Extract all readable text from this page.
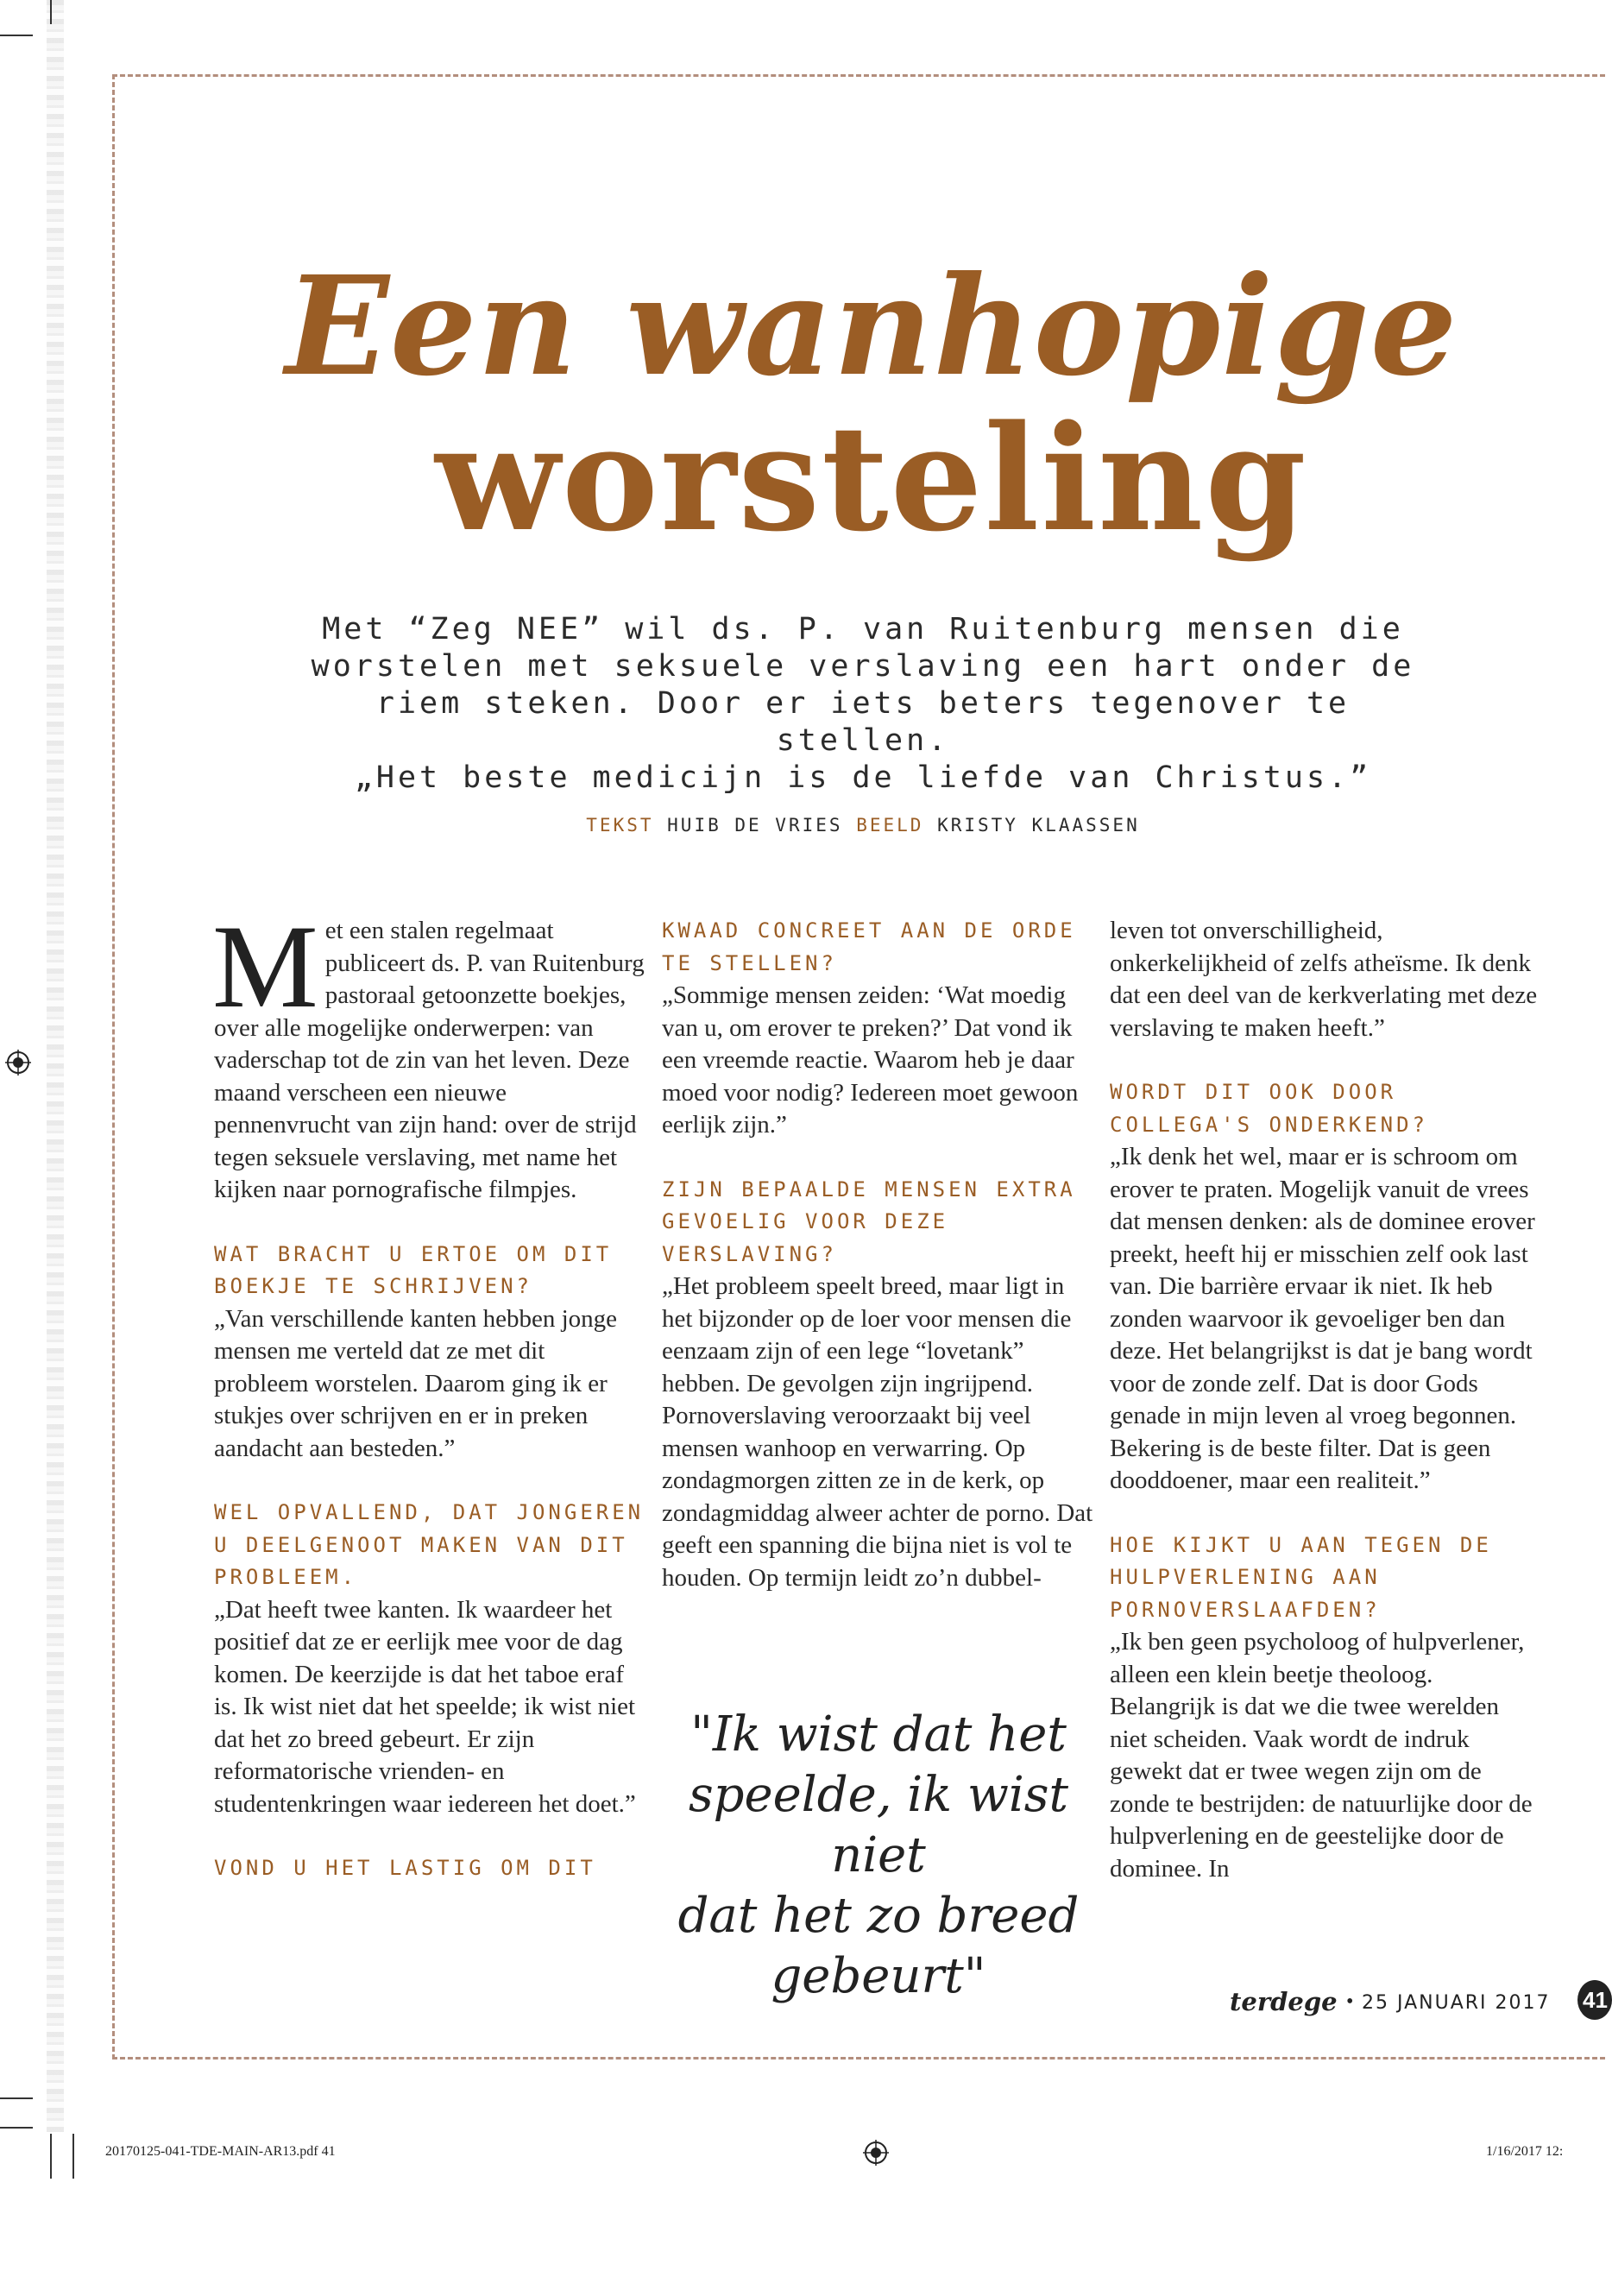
Een wanhopige
worsteling
Met “Zeg NEE” wil ds. P. van Ruitenburg mensen die
worstelen met seksuele verslaving een hart onder de
riem steken. Door er iets beters tegenover te stellen.
„Het beste medicijn is de liefde van Christus.”
TEKST HUIB DE VRIES BEELD KRISTY KLAASSEN

M et een stalen regelmaat publiceert ds. P. van Ruitenburg pastoraal getoonzette boekjes, over alle mogelijke onderwerpen: van vaderschap tot de zin van het leven. Deze maand verscheen een nieuwe pennenvrucht van zijn hand: over de strijd tegen seksuele verslaving, met name het kijken naar pornografische filmpjes.

WAT BRACHT U ERTOE OM DIT BOEKJE TE SCHRIJVEN?

„Van verschillende kanten hebben jonge mensen me verteld dat ze met dit probleem worstelen. Daarom ging ik er stukjes over schrijven en er in preken aandacht aan besteden.”

WEL OPVALLEND, DAT JONGEREN U DEELGENOOT MAKEN VAN DIT PROBLEEM.

„Dat heeft twee kanten. Ik waardeer het positief dat ze er eerlijk mee voor de dag komen. De keerzijde is dat het taboe eraf is. Ik wist niet dat het speelde; ik wist niet dat het zo breed gebeurt. Er zijn reformatorische vrienden- en studentenkringen waar iedereen het doet.”

VOND U HET LASTIG OM DIT
KWAAD CONCREET AAN DE ORDE TE STELLEN?

„Sommige mensen zeiden: ‘Wat moedig van u, om erover te preken?’ Dat vond ik een vreemde reactie. Waarom heb je daar moed voor nodig? Iedereen moet gewoon eerlijk zijn.”

ZIJN BEPAALDE MENSEN EXTRA GEVOELIG VOOR DEZE VERSLAVING?

„Het probleem speelt breed, maar ligt in het bijzonder op de loer voor mensen die eenzaam zijn of een lege “lovetank” hebben. De gevolgen zijn ingrijpend. Pornoverslaving veroorzaakt bij veel mensen wanhoop en verwarring. Op zondagmorgen zitten ze in de kerk, op zondagmiddag alweer achter de porno. Dat geeft een spanning die bijna niet is vol te houden. Op termijn leidt zo’n dubbel-

"Ik wist dat het
speelde, ik wist niet
dat het zo breed
gebeurt"

leven tot onverschilligheid, onkerkelijkheid of zelfs atheïsme. Ik denk dat een deel van de kerkverlating met deze verslaving te maken heeft.”

WORDT DIT OOK DOOR COLLEGA'S ONDERKEND?

„Ik denk het wel, maar er is schroom om erover te praten. Mogelijk vanuit de vrees dat mensen denken: als de dominee erover preekt, heeft hij er misschien zelf ook last van. Die barrière ervaar ik niet. Ik heb zonden waarvoor ik gevoeliger ben dan deze. Het belangrijkst is dat je bang wordt voor de zonde zelf. Dat is door Gods genade in mijn leven al vroeg begonnen. Bekering is de beste filter. Dat is geen dooddoener, maar een realiteit.”

HOE KIJKT U AAN TEGEN DE HULPVERLENING AAN PORNOVERSLAAFDEN?

„Ik ben geen psycholoog of hulpverlener, alleen een klein beetje theoloog. Belangrijk is dat we die twee werelden niet scheiden. Vaak wordt de indruk gewekt dat er twee wegen zijn om de zonde te bestrijden: de natuurlijke door de hulpverlening en de geestelijke door de dominee. In

terdege • 25 JANUARI 2017 41
20170125-041-TDE-MAIN-AR13.pdf 41	1/16/2017 12:
